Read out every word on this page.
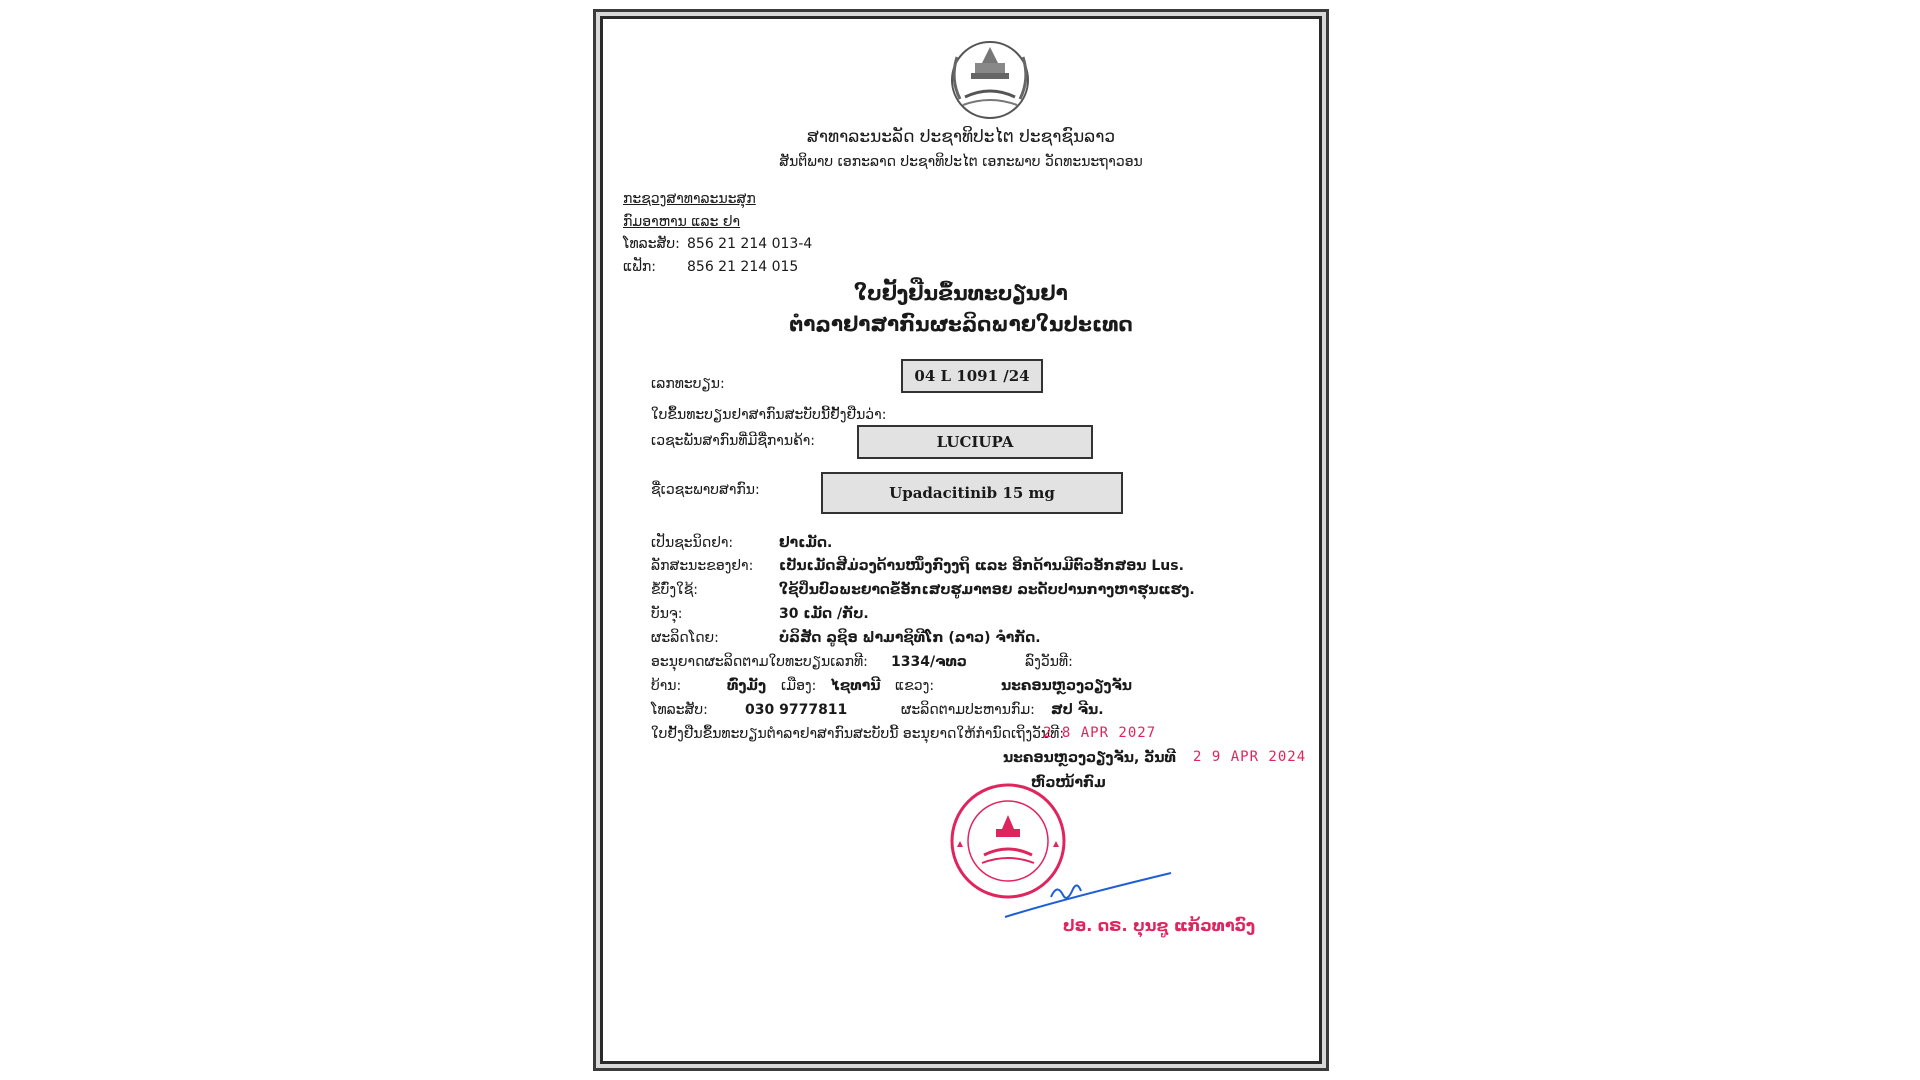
ສາທາລະນະລັດ ປະຊາທິປະໄຕ ປະຊາຊົນລາວ
ສັນຕິພາບ ເອກະລາດ ປະຊາທິປະໄຕ ເອກະພາບ ວັດທະນະຖາວອນ
ກະຊວງສາທາລະນະສຸກ
ກົມອາຫານ ແລະ ຢາ
ໂທລະສັບ: 856 21 214 013-4
ແຟັກ: 856 21 214 015
ໃບຢັ້ງຢືນຂຶ້ນທະບຽນຢາ
ຕຳລາຢາສາກົນຜະລິດພາຍໃນປະເທດ
ເລກທະບຽນ:	04 L 1091 /24
ໃບຂຶ້ນທະບຽນຢາສາກົນສະບັບນີ້ຢັ້ງຢືນວ່າ:
ເວຊະພັນສາກົນທີ່ມີຊື່ການຄ້າ:	LUCIUPA
ຊື່ເວຊະພາບສາກົນ:	Upadacitinib 15 mg
ເປັນຊະນິດຢາ:	ຢາເມັດ.
ລັກສະນະຂອງຢາ: ເປັນເມັດສີມ່ວງດ້ານໜຶ່ງກົງງຖິ ແລະ ອີກດ້ານມີຕົວອັກສອນ Lus.
ຂໍ້ບົ່ງໃຊ້:	ໃຊ້ປິ່ນປົວພະຍາດຂໍ້ອັກເສບຮູມາຕອຍ ລະດັບປານກາງຫາຮຸນແຮງ.
ບັນຈຸ:	30 ເມັດ /ກັບ.
ຜະລິດໂດຍ:	ບໍລິສັດ ລູຊິອ ຟາມາຊິທີໂກ (ລາວ) ຈຳກັດ.
ອະນຸຍາດຜະລິດຕາມໃບທະບຽນເລກທີ: 1334/ຈທວ	ລົງວັນທີ:
ບ້ານ:	ທົ່ງມັງ ເມືອງ: ໄຊທານີ ແຂວງ:	ນະຄອນຫຼວງວຽງຈັນ
ໂທລະສັບ:	030 9777811	ຜະລິດຕາມປະຫານກົມ: ສປ ຈີນ.
ໃບຢັ້ງຢືນຂຶ້ນທະບຽນຕຳລາຢາສາກົນສະບັບນີ້ ອະນຸຍາດໃຫ້ກຳນົດເຖິງວັນທີ:
2 8 APR 2027
ນະຄອນຫຼວງວຽງຈັນ, ວັນທີ 2 9 APR 2024
ຫົວໜ້າກົມ
ປອ. ດຣ. ບຸນຊູ ແກ້ວທາວົງ
